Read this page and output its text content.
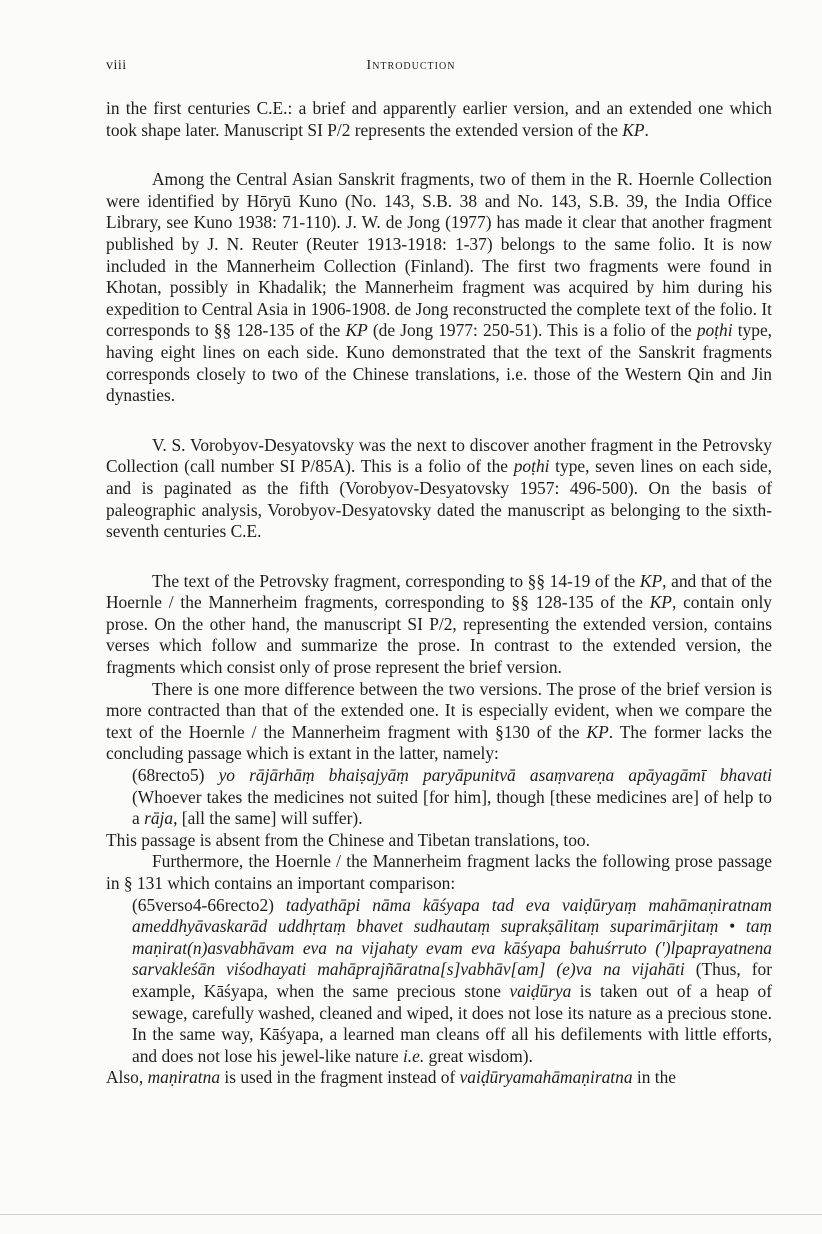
viii	Introduction

in the first centuries C.E.: a brief and apparently earlier version, and an extended one which took shape later. Manuscript SI P/2 represents the extended version of the KP.

Among the Central Asian Sanskrit fragments, two of them in the R. Hoernle Collection were identified by Hōryū Kuno (No. 143, S.B. 38 and No. 143, S.B. 39, the India Office Library, see Kuno 1938: 71-110). J. W. de Jong (1977) has made it clear that another fragment published by J. N. Reuter (Reuter 1913-1918: 1-37) belongs to the same folio. It is now included in the Mannerheim Collection (Finland). The first two fragments were found in Khotan, possibly in Khadalik; the Mannerheim fragment was acquired by him during his expedition to Central Asia in 1906-1908. de Jong reconstructed the complete text of the folio. It corresponds to §§ 128-135 of the KP (de Jong 1977: 250-51). This is a folio of the poṭhi type, having eight lines on each side. Kuno demonstrated that the text of the Sanskrit fragments corresponds closely to two of the Chinese translations, i.e. those of the Western Qin and Jin dynasties.

V. S. Vorobyov-Desyatovsky was the next to discover another fragment in the Petrovsky Collection (call number SI P/85A). This is a folio of the poṭhi type, seven lines on each side, and is paginated as the fifth (Vorobyov-Desyatovsky 1957: 496-500). On the basis of paleographic analysis, Vorobyov-Desyatovsky dated the manuscript as belonging to the sixth-seventh centuries C.E.

The text of the Petrovsky fragment, corresponding to §§ 14-19 of the KP, and that of the Hoernle / the Mannerheim fragments, corresponding to §§ 128-135 of the KP, contain only prose. On the other hand, the manuscript SI P/2, representing the extended version, contains verses which follow and summarize the prose. In contrast to the extended version, the fragments which consist only of prose represent the brief version.

There is one more difference between the two versions. The prose of the brief version is more contracted than that of the extended one. It is especially evident, when we compare the text of the Hoernle / the Mannerheim fragment with §130 of the KP. The former lacks the concluding passage which is extant in the latter, namely:

(68recto5) yo rājārhāṃ bhaiṣajyāṃ paryāpunitvā asaṃvareṇa apāyagāmī bhavati (Whoever takes the medicines not suited [for him], though [these medicines are] of help to a rāja, [all the same] will suffer).

This passage is absent from the Chinese and Tibetan translations, too.

Furthermore, the Hoernle / the Mannerheim fragment lacks the following prose passage in § 131 which contains an important comparison:

(65verso4-66recto2) tadyathāpi nāma kāśyapa tad eva vaiḍūryaṃ mahāmaṇiratnam ameddhyāvaskarād uddhṛtaṃ bhavet sudhautaṃ suprakṣālitaṃ suparimārjitaṃ • taṃ maṇirat(n)asvabhāvam eva na vijahaty evam eva kāśyapa bahuśrruto (')lpaprayatnena sarvakleśān viśodhayati mahāprajñāratna[s]vabhāv[am] (e)va na vijahāti (Thus, for example, Kāśyapa, when the same precious stone vaiḍūrya is taken out of a heap of sewage, carefully washed, cleaned and wiped, it does not lose its nature as a precious stone. In the same way, Kāśyapa, a learned man cleans off all his defilements with little efforts, and does not lose his jewel-like nature i.e. great wisdom).

Also, maṇiratna is used in the fragment instead of vaiḍūryamahāmaṇiratna in the
